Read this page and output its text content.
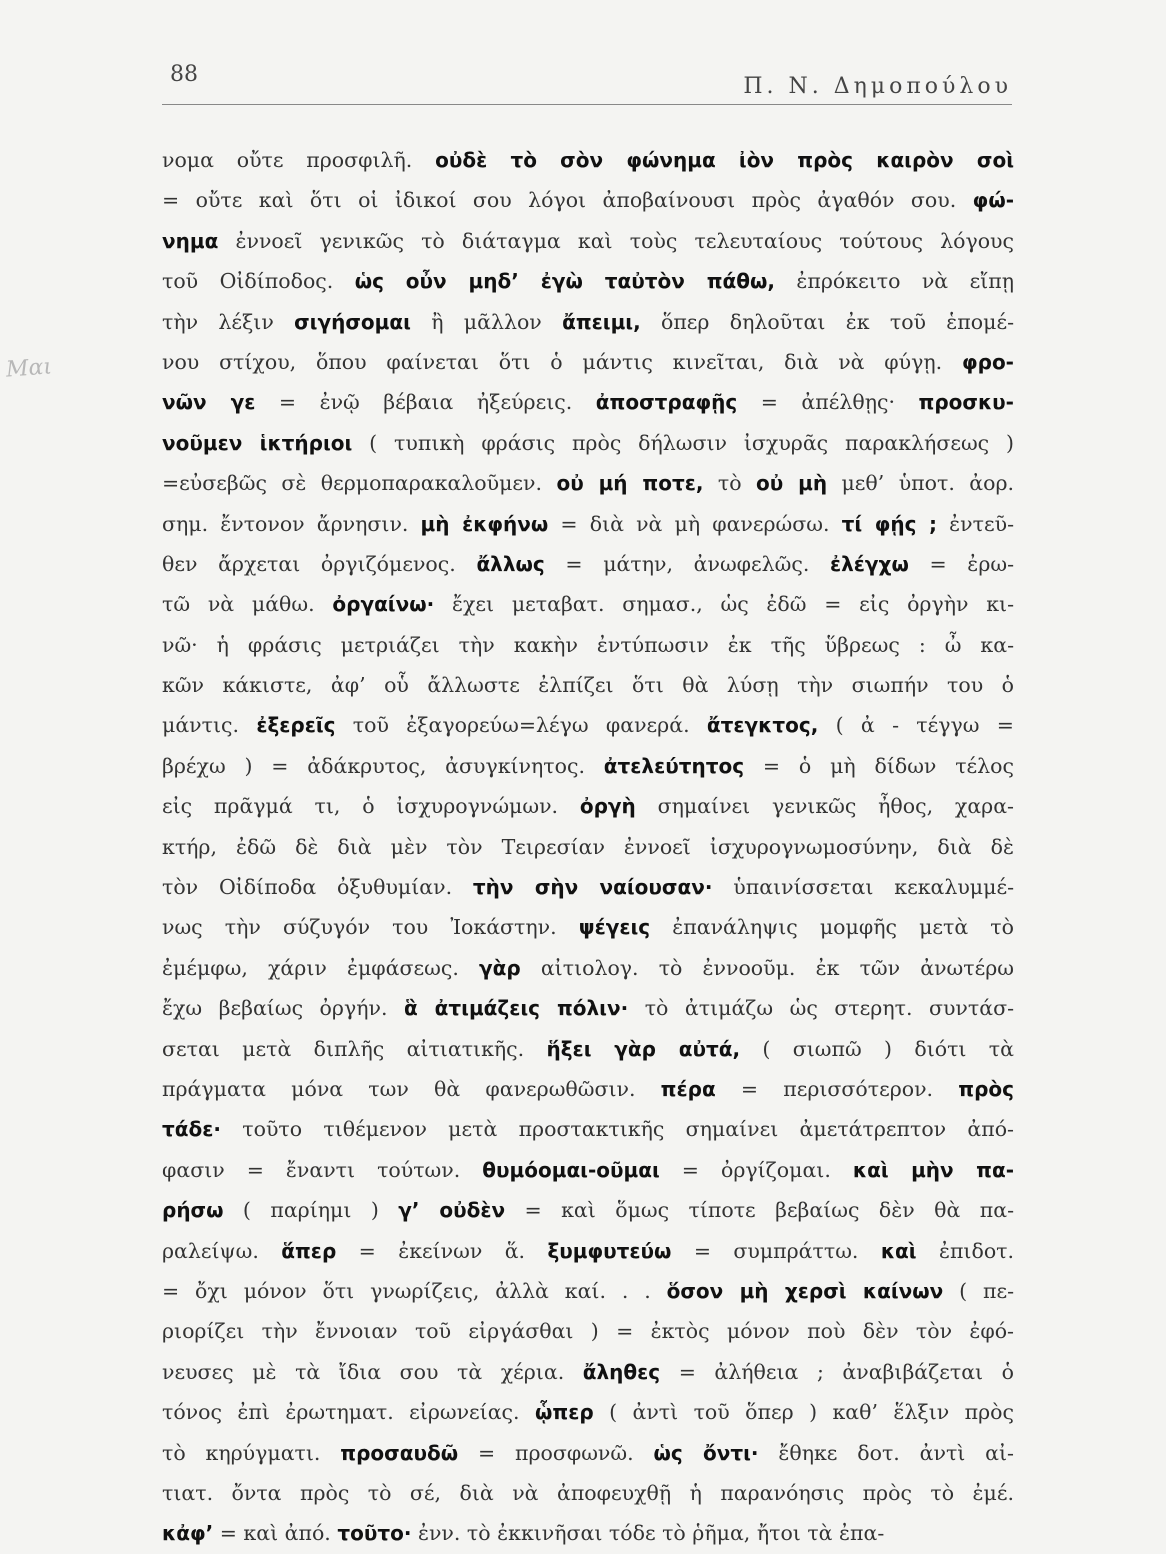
88	Π. Ν. Δημοπούλου
Μαι
νομα οὔτε προσφιλῆ. οὐδὲ τὸ σὸν φώνημα ἰὸν πρὸς καιρὸν σοὶ
= οὔτε καὶ ὅτι οἱ ἰδικοί σου λόγοι ἀποβαίνουσι πρὸς ἀγαθόν σου. φώ-
νημα ἐννοεῖ γενικῶς τὸ διάταγμα καὶ τοὺς τελευταίους τούτους λόγους
τοῦ Οἰδίποδος. ὡς οὖν μηδ’ ἐγὼ ταὐτὸν πάθω, ἐπρόκειτο νὰ εἴπῃ
τὴν λέξιν σιγήσομαι ἢ μᾶλλον ἄπειμι, ὅπερ δηλοῦται ἐκ τοῦ ἑπομέ-
νου στίχου, ὅπου φαίνεται ὅτι ὁ μάντις κινεῖται, διὰ νὰ φύγῃ. φρο-
νῶν γε = ἐνῷ βέβαια ἠξεύρεις. ἀποστραφῇς = ἀπέλθῃς· προσκυ-
νοῦμεν ἱκτήριοι ( τυπικὴ φράσις πρὸς δήλωσιν ἰσχυρᾶς παρακλήσεως )
=εὐσεβῶς σὲ θερμοπαρακαλοῦμεν. οὐ μή ποτε, τὸ οὐ μὴ μεθ’ ὑποτ. ἀορ.
σημ. ἔντονον ἄρνησιν. μὴ ἐκφήνω = διὰ νὰ μὴ φανερώσω. τί φῄς ; ἐντεῦ-
θεν ἄρχεται ὀργιζόμενος. ἄλλως = μάτην, ἀνωφελῶς. ἐλέγχω = ἐρω-
τῶ νὰ μάθω. ὀργαίνω· ἔχει μεταβατ. σημασ., ὡς ἐδῶ = εἰς ὀργὴν κι-
νῶ· ἡ φράσις μετριάζει τὴν κακὴν ἐντύπωσιν ἐκ τῆς ὕβρεως : ὦ κα-
κῶν κάκιστε, ἀφ’ οὗ ἄλλωστε ἐλπίζει ὅτι θὰ λύσῃ τὴν σιωπήν του ὁ
μάντις. ἐξερεῖς τοῦ ἐξαγορεύω=λέγω φανερά. ἄτεγκτος, ( ἀ - τέγγω =
βρέχω ) = ἀδάκρυτος, ἀσυγκίνητος. ἀτελεύτητος = ὁ μὴ δίδων τέλος
εἰς πρᾶγμά τι, ὁ ἰσχυρογνώμων. ὀργὴ σημαίνει γενικῶς ἦθος, χαρα-
κτήρ, ἐδῶ δὲ διὰ μὲν τὸν Τειρεσίαν ἐννοεῖ ἰσχυρογνωμοσύνην, διὰ δὲ
τὸν Οἰδίποδα ὀξυθυμίαν. τὴν σὴν ναίουσαν· ὑπαινίσσεται κεκαλυμμέ-
νως τὴν σύζυγόν του Ἰοκάστην. ψέγεις ἐπανάληψις μομφῆς μετὰ τὸ
ἐμέμφω, χάριν ἐμφάσεως. γὰρ αἰτιολογ. τὸ ἐννοοῦμ. ἐκ τῶν ἀνωτέρω
ἔχω βεβαίως ὀργήν. ἃ ἀτιμάζεις πόλιν· τὸ ἀτιμάζω ὡς στερητ. συντάσ-
σεται μετὰ διπλῆς αἰτιατικῆς. ἥξει γὰρ αὐτά, ( σιωπῶ ) διότι τὰ
πράγματα μόνα των θὰ φανερωθῶσιν. πέρα = περισσότερον. πρὸς
τάδε· τοῦτο τιθέμενον μετὰ προστακτικῆς σημαίνει ἀμετάτρεπτον ἀπό-
φασιν = ἔναντι τούτων. θυμόομαι-οῦμαι = ὀργίζομαι. καὶ μὴν πα-
ρήσω ( παρίημι ) γ’ οὐδὲν = καὶ ὅμως τίποτε βεβαίως δὲν θὰ πα-
ραλείψω. ἅπερ = ἐκείνων ἅ. ξυμφυτεύω = συμπράττω. καὶ ἐπιδοτ.
= ὄχι μόνον ὅτι γνωρίζεις, ἀλλὰ καί. . . ὅσον μὴ χερσὶ καίνων ( πε-
ριορίζει τὴν ἔννοιαν τοῦ εἰργάσθαι ) = ἐκτὸς μόνον ποὺ δὲν τὸν ἐφό-
νευσες μὲ τὰ ἴδια σου τὰ χέρια. ἄληθες = ἀλήθεια ; ἀναβιβάζεται ὁ
τόνος ἐπὶ ἐρωτηματ. εἰρωνείας. ᾧπερ ( ἀντὶ τοῦ ὅπερ ) καθ’ ἕλξιν πρὸς
τὸ κηρύγματι. προσαυδῶ = προσφωνῶ. ὡς ὄντι· ἔθηκε δοτ. ἀντὶ αἰ-
τιατ. ὄντα πρὸς τὸ σέ, διὰ νὰ ἀποφευχθῇ ἡ παρανόησις πρὸς τὸ ἐμέ.
κἀφ’ = καὶ ἀπό. τοῦτο· ἐνν. τὸ ἐκκινῆσαι τόδε τὸ ῥῆμα, ἤτοι τὰ ἐπα-
